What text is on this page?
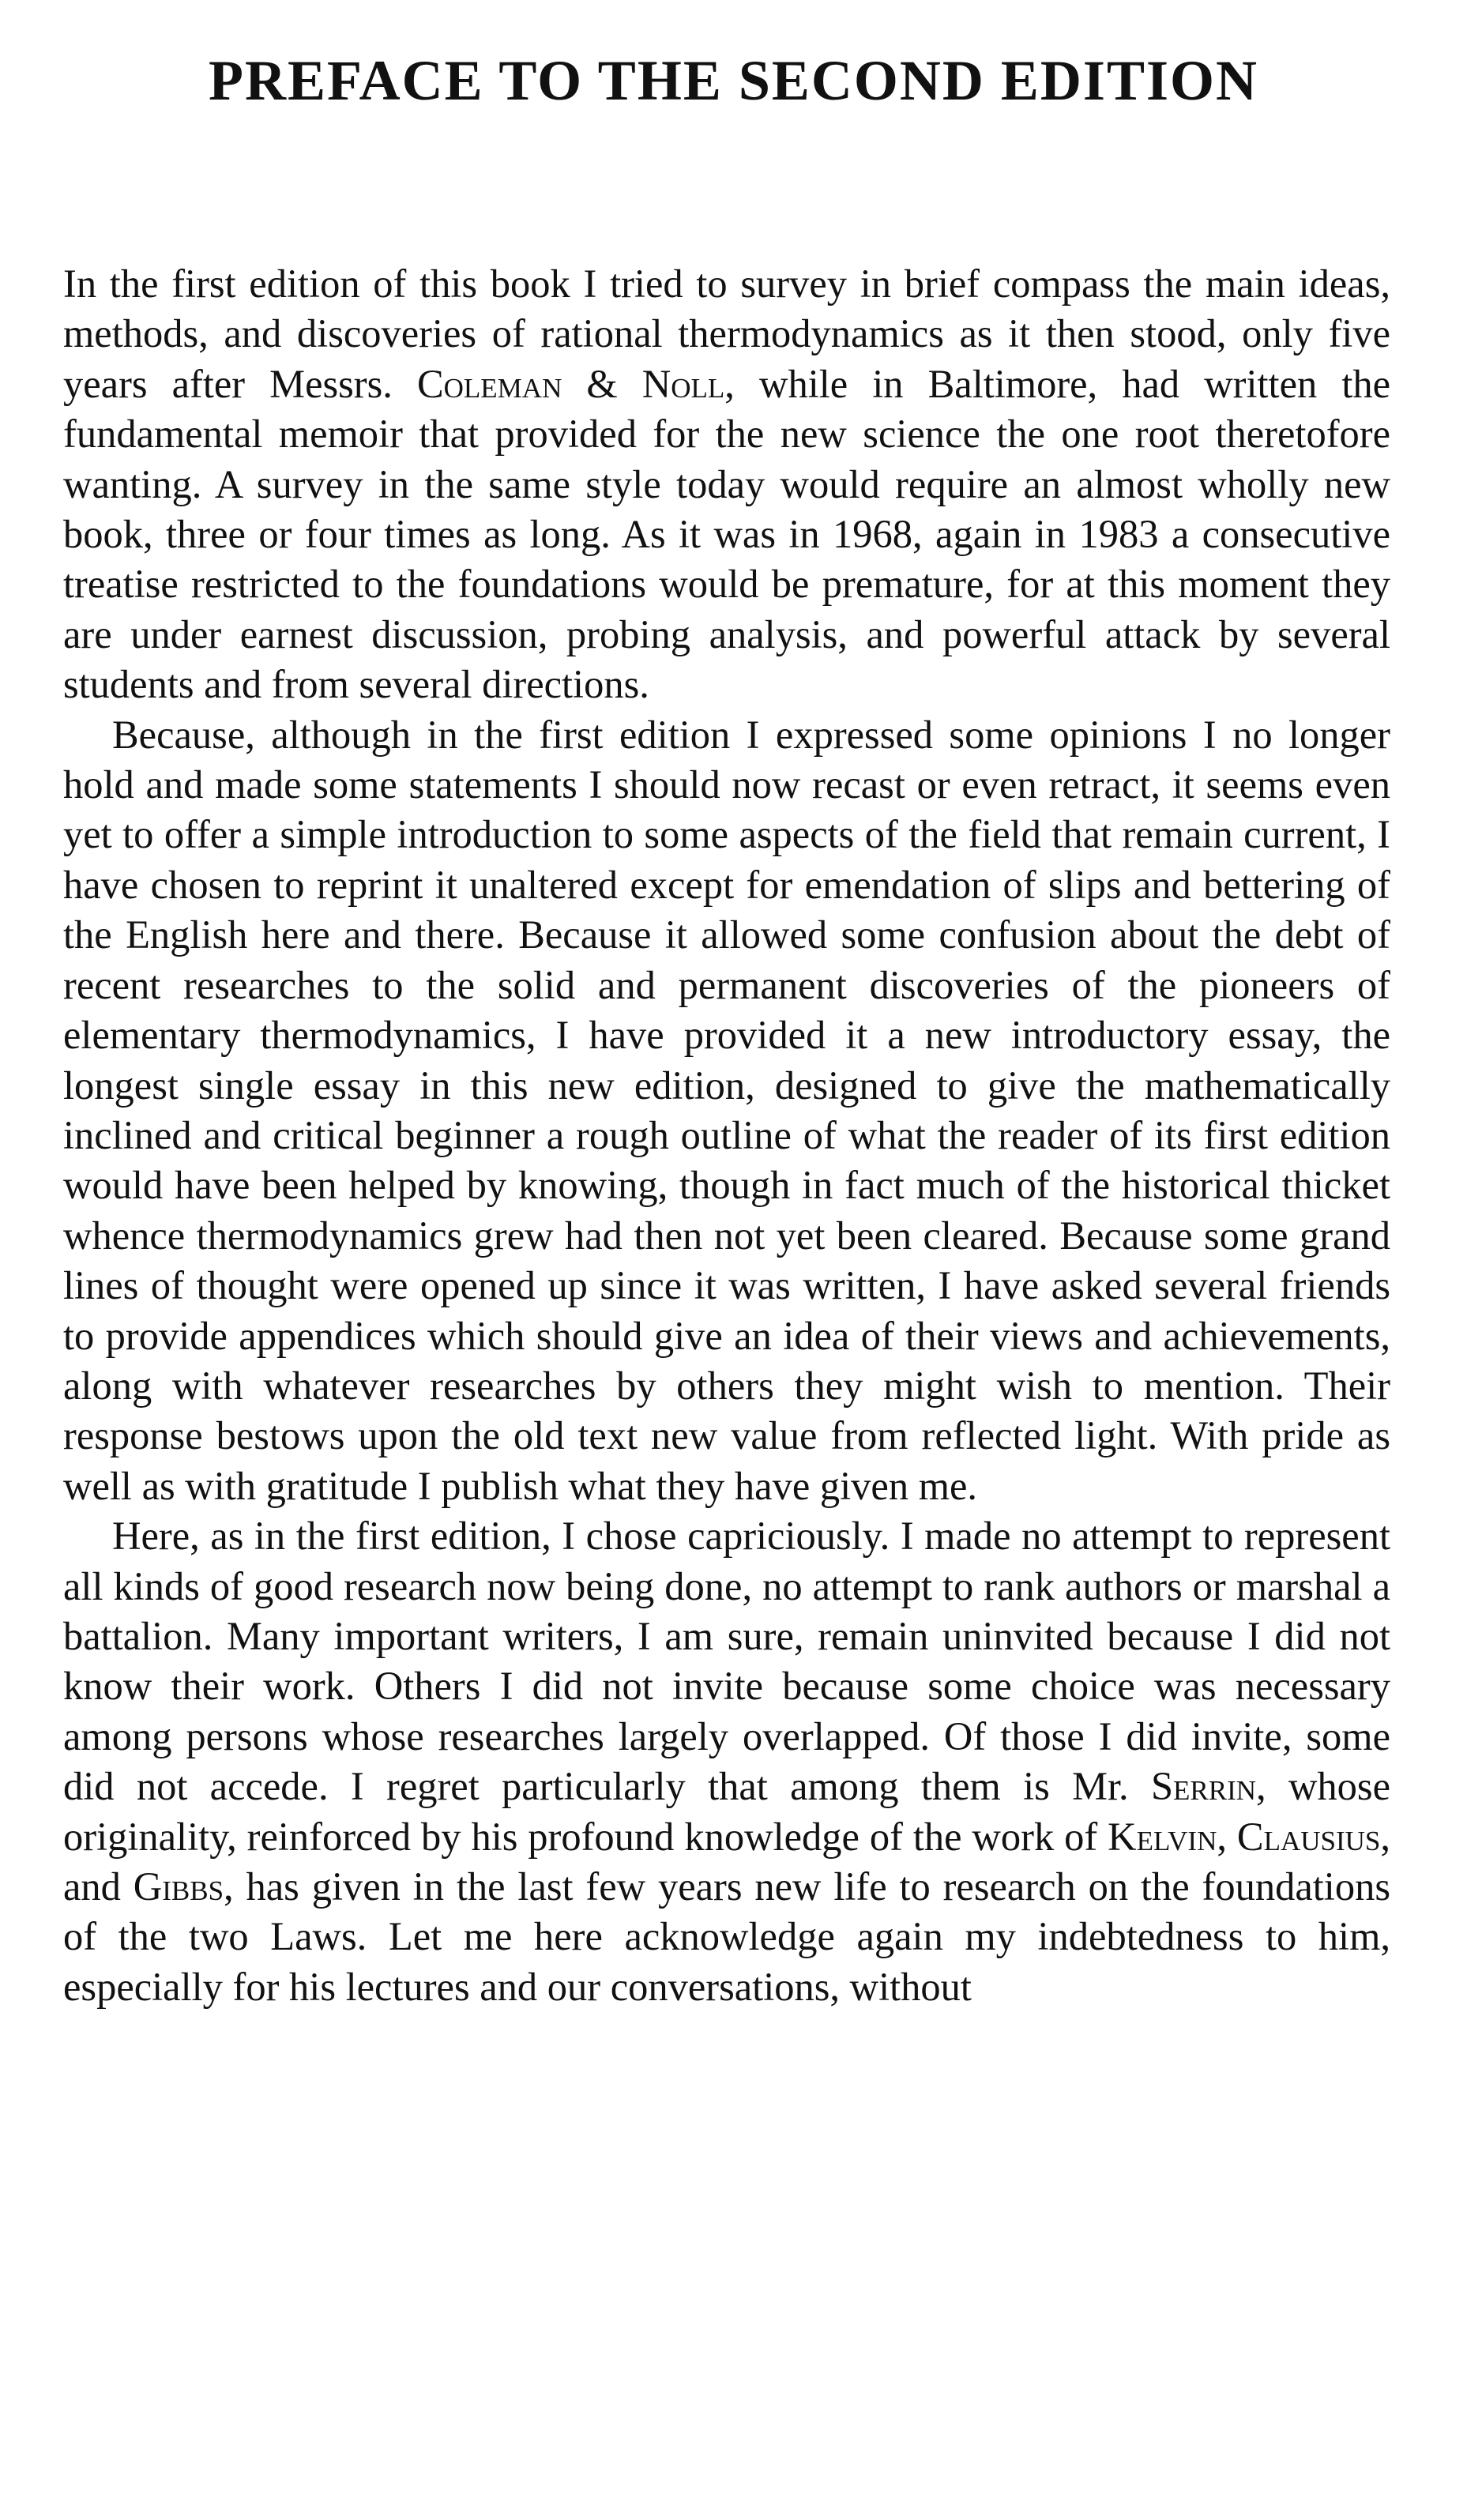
PREFACE TO THE SECOND EDITION

In the first edition of this book I tried to survey in brief compass the main ideas, methods, and discoveries of rational thermodynamics as it then stood, only five years after Messrs. Coleman & Noll, while in Baltimore, had written the fundamental memoir that provided for the new science the one root theretofore wanting. A survey in the same style today would require an almost wholly new book, three or four times as long. As it was in 1968, again in 1983 a consecutive treatise restricted to the foundations would be premature, for at this moment they are under earnest discussion, probing analysis, and powerful attack by several students and from several directions.

Because, although in the first edition I expressed some opinions I no longer hold and made some statements I should now recast or even retract, it seems even yet to offer a simple introduction to some aspects of the field that remain current, I have chosen to reprint it unaltered except for emendation of slips and bettering of the English here and there. Because it allowed some confusion about the debt of recent researches to the solid and permanent discoveries of the pioneers of elementary thermodynamics, I have provided it a new introductory essay, the longest single essay in this new edition, designed to give the mathematically inclined and critical beginner a rough outline of what the reader of its first edition would have been helped by knowing, though in fact much of the historical thicket whence thermodynamics grew had then not yet been cleared. Because some grand lines of thought were opened up since it was written, I have asked several friends to provide appendices which should give an idea of their views and achievements, along with whatever researches by others they might wish to mention. Their response bestows upon the old text new value from reflected light. With pride as well as with gratitude I publish what they have given me.

Here, as in the first edition, I chose capriciously. I made no attempt to represent all kinds of good research now being done, no attempt to rank authors or marshal a battalion. Many important writers, I am sure, remain uninvited because I did not know their work. Others I did not invite because some choice was necessary among persons whose researches largely overlapped. Of those I did invite, some did not accede. I regret particularly that among them is Mr. Serrin, whose originality, reinforced by his profound knowledge of the work of Kelvin, Clausius, and Gibbs, has given in the last few years new life to research on the foundations of the two Laws. Let me here acknowledge again my indebtedness to him, especially for his lectures and our conversations, without
